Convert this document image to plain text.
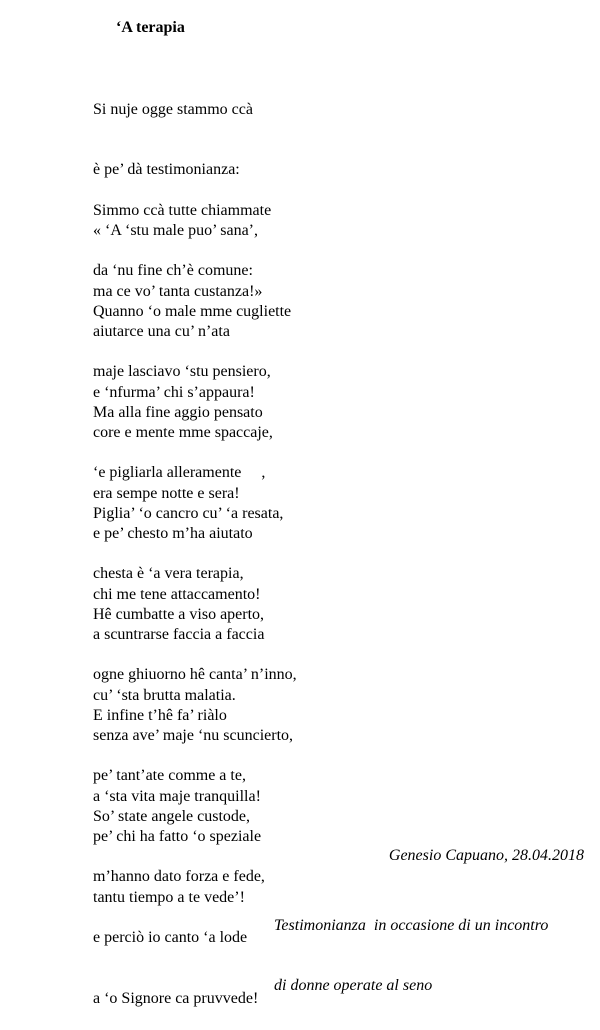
‘A terapia

Si nuje ogge stammo ccà

è pe’ dà testimonianza:

« ‘A ‘stu male puo’ sana’,

ma ce vo’ tanta custanza!»

Simmo ccà tutte chiammate

da ‘nu fine ch’è comune:

aiutarce una cu’ n’ata

e ‘nfurma’ chi s’appaura!

Quanno ‘o male mme cugliette

maje lasciavo ‘stu pensiero,

core e mente mme spaccaje,

era sempe notte e sera!

Ma alla fine aggio pensato

‘e pigliarla alleramente     ,

e pe’ chesto m’ha aiutato

chi me tene attaccamento!

Piglia’ ‘o cancro cu’ ‘a resata,

chesta è ‘a vera terapia,

a scuntrarse faccia a faccia

cu’ ‘sta brutta malatia.

Hê cumbatte a viso aperto,

ogne ghiuorno hê canta’ n’inno,

senza ave’ maje ‘nu scuncierto,

a ‘sta vita maje tranquilla!

E infine t’hê fa’ riàlo

pe’ tant’ate comme a te,

pe’ chi ha fatto ‘o speziale

tantu tiempo a te vede’!

So’ state angele custode,

m’hanno dato forza e fede,

e perciò io canto ‘a lode

a ‘o Signore ca pruvvede!

Genesio Capuano, 28.04.2018

Testimonianza  in occasione di un incontro

di donne operate al seno
